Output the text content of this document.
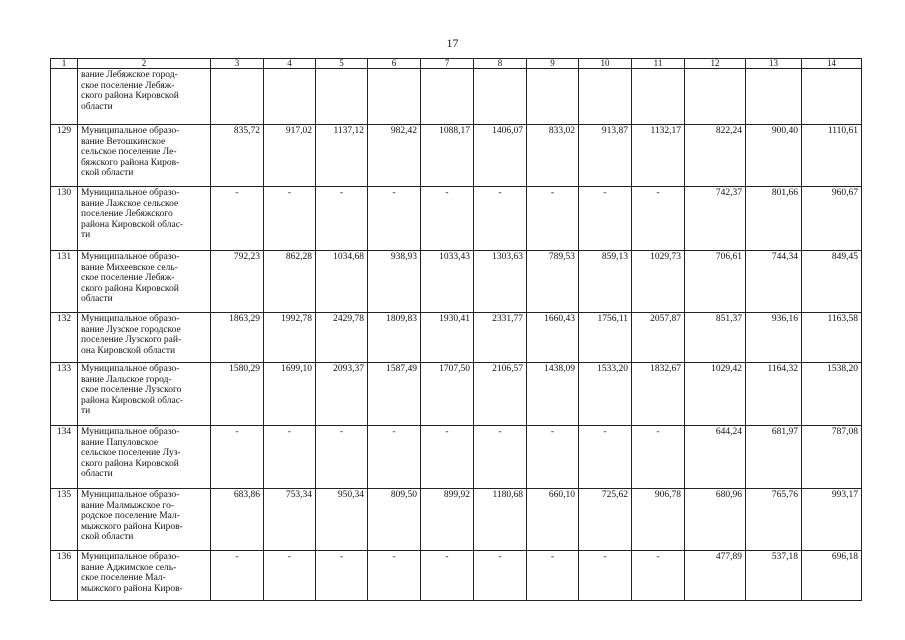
17
1	2	3	4	5	6	7	8	9	10	11	12	13	14

	вание Лебяжское город-
ское поселение Лебяж-
ского района Кировской
области												

129	Муниципальное образо-
вание Ветошкинское
сельское поселение Ле-
бяжского района Киров-
ской области	835,72	917,02	1137,12	982,42	1088,17	1406,07	833,02	913,87	1132,17	822,24	900,40	1110,61
130	Муниципальное образо-
вание Лажское сельское
поселение Лебяжского
района Кировской облас-
ти	-	-	-	-	-	-	-	-	-	742,37	801,66	960,67
131	Муниципальное образо-
вание Михеевское сель-
ское поселение Лебяж-
ского района Кировской
области	792,23	862,28	1034,68	938,93	1033,43	1303,63	789,53	859,13	1029,73	706,61	744,34	849,45
132	Муниципальное образо-
вание Лузское городское
поселение Лузского рай-
она Кировской области	1863,29	1992,78	2429,78	1809,83	1930,41	2331,77	1660,43	1756,11	2057,87	851,37	936,16	1163,58
133	Муниципальное образо-
вание Лальское город-
ское поселение Лузского
района Кировской облас-
ти	1580,29	1699,10	2093,37	1587,49	1707,50	2106,57	1438,09	1533,20	1832,67	1029,42	1164,32	1538,20
134	Муниципальное образо-
вание Папуловское
сельское поселение Луз-
ского района Кировской
области	-	-	-	-	-	-	-	-	-	644,24	681,97	787,08
135	Муниципальное образо-
вание Малмыжское го-
родское поселение Мал-
мыжского района Киров-
ской области	683,86	753,34	950,34	809,50	899,92	1180,68	660,10	725,62	906,78	680,96	765,76	993,17
136	Муниципальное образо-
вание Аджимское сель-
ское поселение Мал-
мыжского района Киров-	-	-	-	-	-	-	-	-	-	477,89	537,18	696,18
